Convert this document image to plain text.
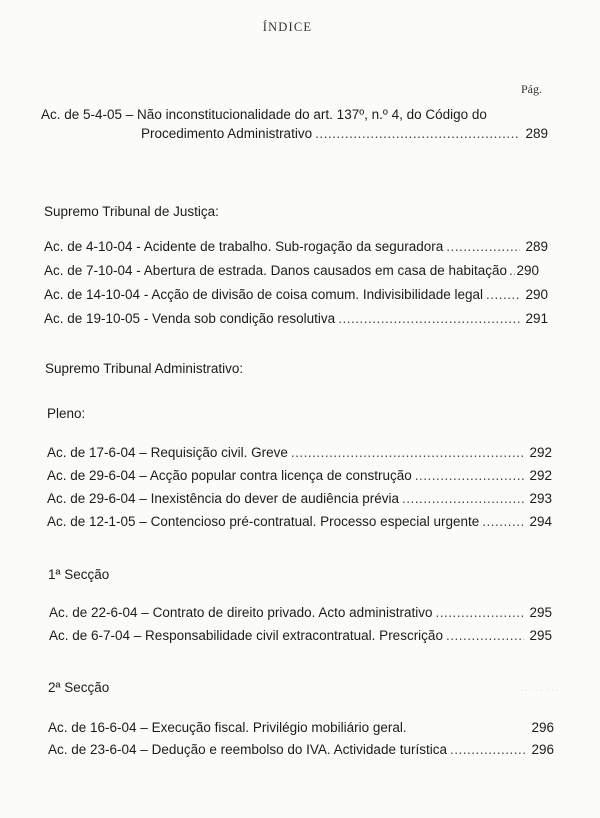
·· ··· ···
ÍNDICE
Pág.
Ac. de 5-4-05 – Não inconstitucionalidade do art. 137º, n.º 4, do Código do
Procedimento Administrativo .....	289
Supremo Tribunal de Justiça:
Ac. de 4-10-04 - Acidente de trabalho. Sub-rogação da seguradora .....	289
Ac. de 7-10-04 - Abertura de estrada. Danos causados em casa de habitação ..... 290
Ac. de 14-10-04 - Acção de divisão de coisa comum. Indivisibilidade legal .....	290
Ac. de 19-10-05 - Venda sob condição resolutiva .....	291
Supremo Tribunal Administrativo:
Pleno:
Ac. de 17-6-04 – Requisição civil. Greve .....	292
Ac. de 29-6-04 – Acção popular contra licença de construção .....	292
Ac. de 29-6-04 – Inexistência do dever de audiência prévia .....	293
Ac. de 12-1-05 – Contencioso pré-contratual. Processo especial urgente .....	294
1ª Secção
Ac. de 22-6-04 – Contrato de direito privado. Acto administrativo .....	295
Ac. de 6-7-04 – Responsabilidade civil extracontratual. Prescrição .....	295
2ª Secção
Ac. de 16-6-04 – Execução fiscal. Privilégio mobiliário geral.	296
Ac. de 23-6-04 – Dedução e reembolso do IVA. Actividade turística .....	296
